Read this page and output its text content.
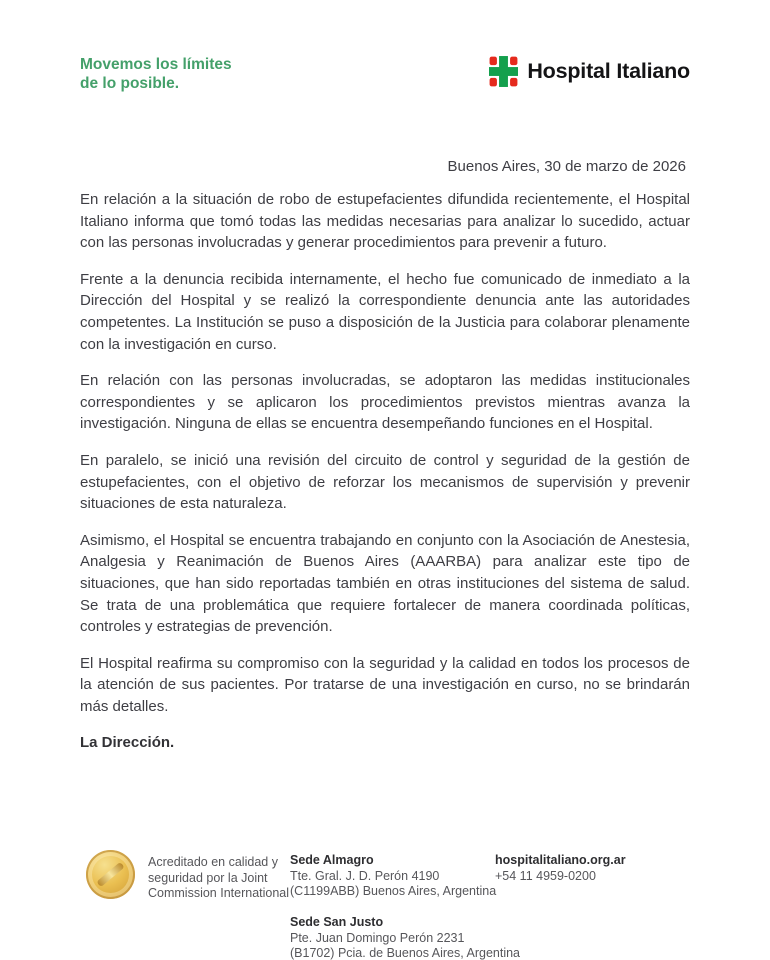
Movemos los límites
de lo posible.
Hospital Italiano
Buenos Aires, 30 de marzo de 2026

En relación a la situación de robo de estupefacientes difundida recientemente, el Hospital Italiano informa que tomó todas las medidas necesarias para analizar lo sucedido, actuar con las personas involucradas y generar procedimientos para prevenir a futuro.

Frente a la denuncia recibida internamente, el hecho fue comunicado de inmediato a la Dirección del Hospital y se realizó la correspondiente denuncia ante las autoridades competentes. La Institución se puso a disposición de la Justicia para colaborar plenamente con la investigación en curso.

En relación con las personas involucradas, se adoptaron las medidas institucionales correspondientes y se aplicaron los procedimientos previstos mientras avanza la investigación. Ninguna de ellas se encuentra desempeñando funciones en el Hospital.

En paralelo, se inició una revisión del circuito de control y seguridad de la gestión de estupefacientes, con el objetivo de reforzar los mecanismos de supervisión y prevenir situaciones de esta naturaleza.

Asimismo, el Hospital se encuentra trabajando en conjunto con la Asociación de Anestesia, Analgesia y Reanimación de Buenos Aires (AAARBA) para analizar este tipo de situaciones, que han sido reportadas también en otras instituciones del sistema de salud. Se trata de una problemática que requiere fortalecer de manera coordinada políticas, controles y estrategias de prevención.

El Hospital reafirma su compromiso con la seguridad y la calidad en todos los procesos de la atención de sus pacientes. Por tratarse de una investigación en curso, no se brindarán más detalles.

La Dirección.

Acreditado en calidad y seguridad por la Joint Commission International
Sede Almagro
Tte. Gral. J. D. Perón 4190
(C1199ABB) Buenos Aires, Argentina
Sede San Justo
Pte. Juan Domingo Perón 2231
(B1702) Pcia. de Buenos Aires, Argentina
hospitalitaliano.org.ar
+54 11 4959-0200
